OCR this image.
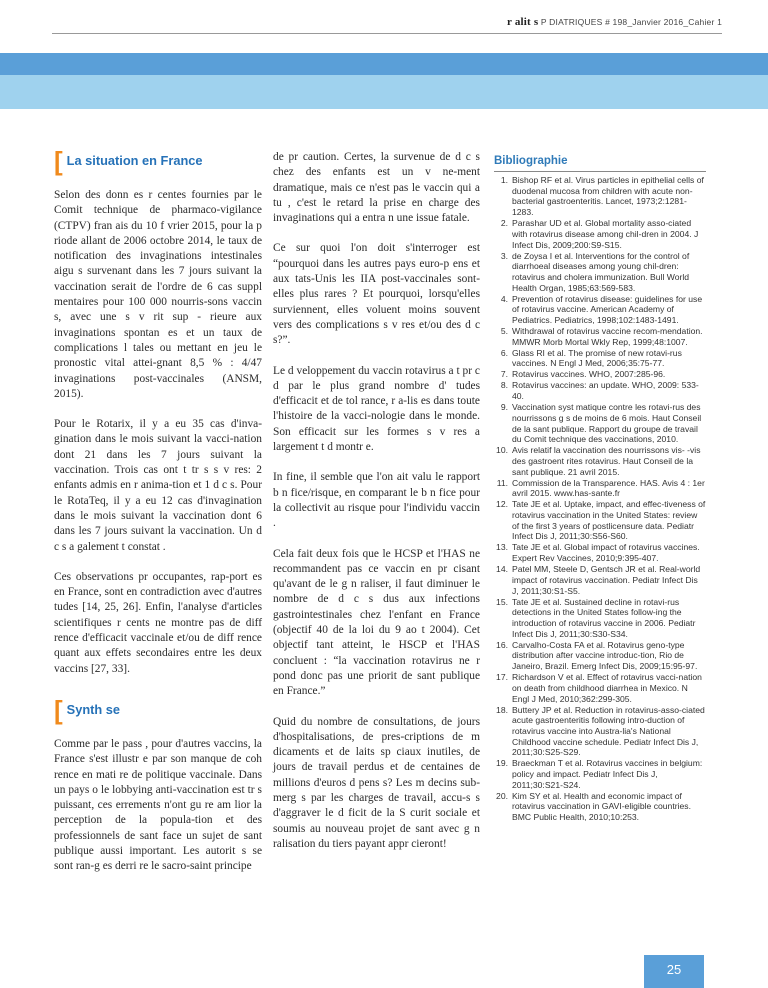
r alit s P DIATRIQUES # 198_Janvier 2016_Cahier 1
[ La situation en France

Selon des donn es r centes fournies par le Comit technique de pharmaco-vigilance (CTPV) fran ais du 10 f vrier 2015, pour la p riode allant de 2006 octobre 2014, le taux de notification des invaginations intestinales aigu s survenant dans les 7 jours suivant la vaccination serait de l'ordre de 6 cas suppl mentaires pour 100 000 nourris-sons vaccin s, avec une s v rit sup - rieure aux invaginations spontan es et un taux de complications l tales ou mettant en jeu le pronostic vital attei-gnant 8,5 % : 4/47 invaginations post-vaccinales (ANSM, 2015).

Pour le Rotarix, il y a eu 35 cas d'inva-gination dans le mois suivant la vacci-nation dont 21 dans les 7 jours suivant la vaccination. Trois cas ont t tr s s v res: 2 enfants admis en r anima-tion et 1 d c s. Pour le RotaTeq, il y a eu 12 cas d'invagination dans le mois suivant la vaccination dont 6 dans les 7 jours suivant la vaccination. Un d c s a galement t constat .

Ces observations pr occupantes, rap-port es en France, sont en contradiction avec d'autres tudes [14, 25, 26]. Enfin, l'analyse d'articles scientifiques r cents ne montre pas de diff rence d'efficacit vaccinale et/ou de diff rence quant aux effets secondaires entre les deux vaccins [27, 33].

[ Synth se

Comme par le pass , pour d'autres vaccins, la France s'est illustr e par son manque de coh rence en mati re de politique vaccinale. Dans un pays o le lobbying anti-vaccination est tr s puissant, ces errements n'ont gu re am lior la perception de la popula-tion et des professionnels de sant face un sujet de sant publique aussi important. Les autorit s se sont ran-g es derri re le sacro-saint principe

de pr caution. Certes, la survenue de d c s chez des enfants est un v ne-ment dramatique, mais ce n'est pas le vaccin qui a tu , c'est le retard la prise en charge des invaginations qui a entra n une issue fatale.

Ce sur quoi l'on doit s'interroger est “pourquoi dans les autres pays euro-p ens et aux tats-Unis les IIA post-vaccinales sont-elles plus rares ? Et pourquoi, lorsqu'elles surviennent, elles voluent moins souvent vers des complications s v res et/ou des d c s?”.

Le d veloppement du vaccin rotavirus a t pr c d par le plus grand nombre d' tudes d'efficacit et de tol rance, r a-lis es dans toute l'histoire de la vacci-nologie dans le monde. Son efficacit sur les formes s v res a largement t d montr e.

In fine, il semble que l'on ait valu le rapport b n fice/risque, en comparant le b n fice pour la collectivit au risque pour l'individu vaccin .

Cela fait deux fois que le HCSP et l'HAS ne recommandent pas ce vaccin en pr cisant qu'avant de le g n raliser, il faut diminuer le nombre de d c s dus aux infections gastrointestinales chez l'enfant en France (objectif 40 de la loi du 9 ao t 2004). Cet objectif tant atteint, le HSCP et l'HAS concluent : “la vaccination rotavirus ne r pond donc pas une priorit de sant publique en France.”

Quid du nombre de consultations, de jours d'hospitalisations, de pres-criptions de m dicaments et de laits sp ciaux inutiles, de jours de travail perdus et de centaines de millions d'euros d pens s? Les m decins sub-merg s par les charges de travail, accu-s s d'aggraver le d ficit de la S curit sociale et soumis au nouveau projet de sant avec g n ralisation du tiers payant appr cieront!

Bibliographie
1. Bishop RF et al. Virus particles in epithelial cells of duodenal mucosa from children with acute non-bacterial gastroenteritis. Lancet, 1973;2:1281-1283.
2. Parashar UD et al. Global mortality asso-ciated with rotavirus disease among chil-dren in 2004. J Infect Dis, 2009;200:S9-S15.
3. de Zoysa I et al. Interventions for the control of diarrhoeal diseases among young chil-dren: rotavirus and cholera immunization. Bull World Health Organ, 1985;63:569-583.
4. Prevention of rotavirus disease: guidelines for use of rotavirus vaccine. American Academy of Pediatrics. Pediatrics, 1998;102:1483-1491.
5. Withdrawal of rotavirus vaccine recom-mendation. MMWR Morb Mortal Wkly Rep, 1999;48:1007.
6. Glass RI et al. The promise of new rotavi-rus vaccines. N Engl J Med, 2006;35:75-77.
7. Rotavirus vaccines. WHO, 2007:285-96.
8. Rotavirus vaccines: an update. WHO, 2009: 533-40.
9. Vaccination syst matique contre les rotavi-rus des nourrissons g s de moins de 6 mois. Haut Conseil de la sant publique. Rapport du groupe de travail du Comit technique des vaccinations, 2010.
10. Avis relatif la vaccination des nourrissons vis- -vis des gastroent rites rotavirus. Haut Conseil de la sant publique. 21 avril 2015.
11. Commission de la Transparence. HAS. Avis 4 : 1er avril 2015. www.has-sante.fr
12. Tate JE et al. Uptake, impact, and effec-tiveness of rotavirus vaccination in the United States: review of the first 3 years of postlicensure data. Pediatr Infect Dis J, 2011;30:S56-S60.
13. Tate JE et al. Global impact of rotavirus vaccines. Expert Rev Vaccines, 2010;9:395-407.
14. Patel MM, Steele D, Gentsch JR et al. Real-world impact of rotavirus vaccination. Pediatr Infect Dis J, 2011;30:S1-S5.
15. Tate JE et al. Sustained decline in rotavi-rus detections in the United States follow-ing the introduction of rotavirus vaccine in 2006. Pediatr Infect Dis J, 2011;30:S30-S34.
16. Carvalho-Costa FA et al. Rotavirus geno-type distribution after vaccine introduc-tion, Rio de Janeiro, Brazil. Emerg Infect Dis, 2009;15:95-97.
17. Richardson V et al. Effect of rotavirus vacci-nation on death from childhood diarrhea in Mexico. N Engl J Med, 2010;362:299-305.
18. Buttery JP et al. Reduction in rotavirus-asso-ciated acute gastroenteritis following intro-duction of rotavirus vaccine into Austra-lia's National Childhood vaccine schedule. Pediatr Infect Dis J, 2011;30:S25-S29.
19. Braeckman T et al. Rotavirus vaccines in belgium: policy and impact. Pediatr Infect Dis J, 2011;30:S21-S24.
20. Kim SY et al. Health and economic impact of rotavirus vaccination in GAVI-eligible countries. BMC Public Health, 2010;10:253.
25
